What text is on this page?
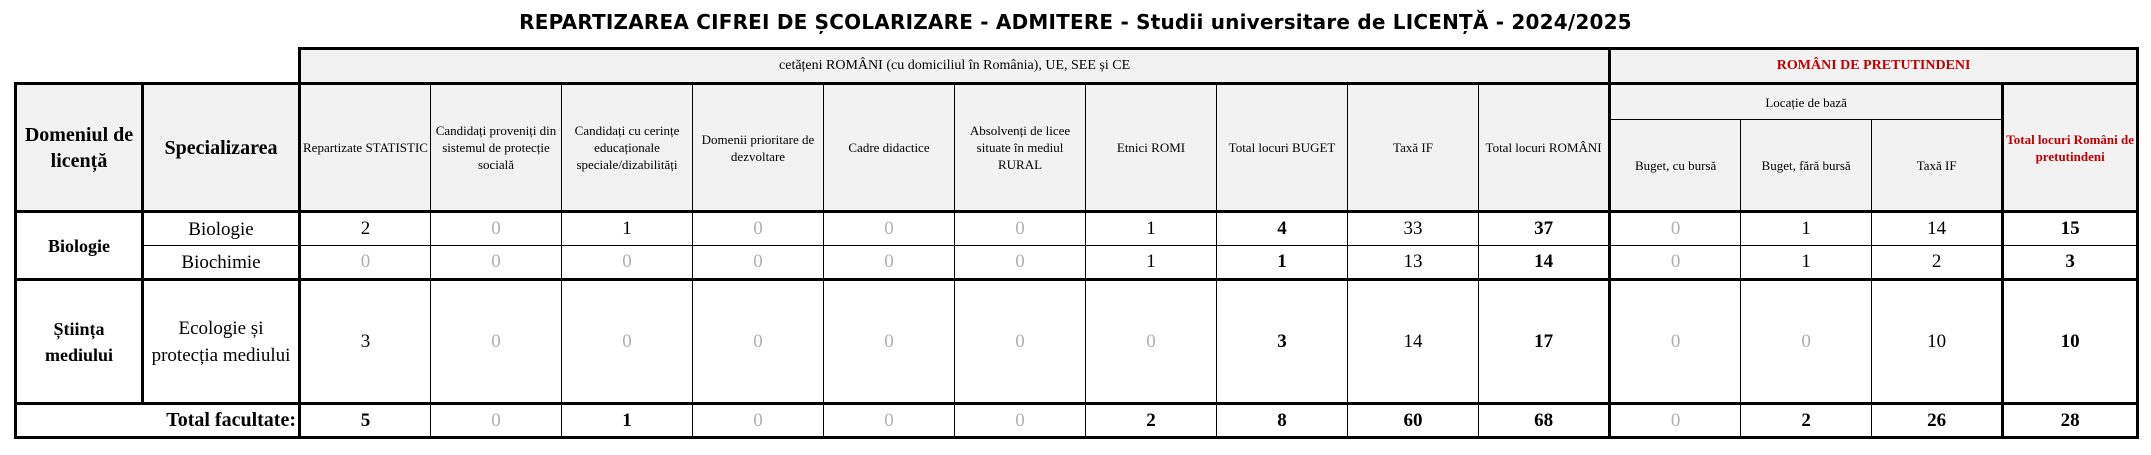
REPARTIZAREA CIFREI DE ȘCOLARIZARE - ADMITERE - Studii universitare de LICENȚĂ - 2024/2025
		cetățeni ROMÂNI (cu domiciliul în România), UE, SEE și CE										ROMÂNI DE PRETUTINDENI			
Domeniul de licență	Specializarea	Repartizate STATISTIC	Candidați proveniți din sistemul de protecție socială	Candidați cu cerințe educaționale speciale/dizabilități	Domenii prioritare de dezvoltare	Cadre didactice	Absolvenți de licee situate în mediul RURAL	Etnici ROMI	Total locuri BUGET	Taxă IF	Total locuri ROMÂNI	Locație de bază			Total locuri Români de pretutindeni
												Buget, cu bursă	Buget, fără bursă	Taxă IF	
Biologie	Biologie	2	0	1	0	0	0	1	4	33	37	0	1	14	15
	Biochimie	0	0	0	0	0	0	1	1	13	14	0	1	2	3
Știința mediului	Ecologie și protecția mediului	3	0	0	0	0	0	0	3	14	17	0	0	10	10
Total facultate:		5	0	1	0	0	0	2	8	60	68	0	2	26	28
